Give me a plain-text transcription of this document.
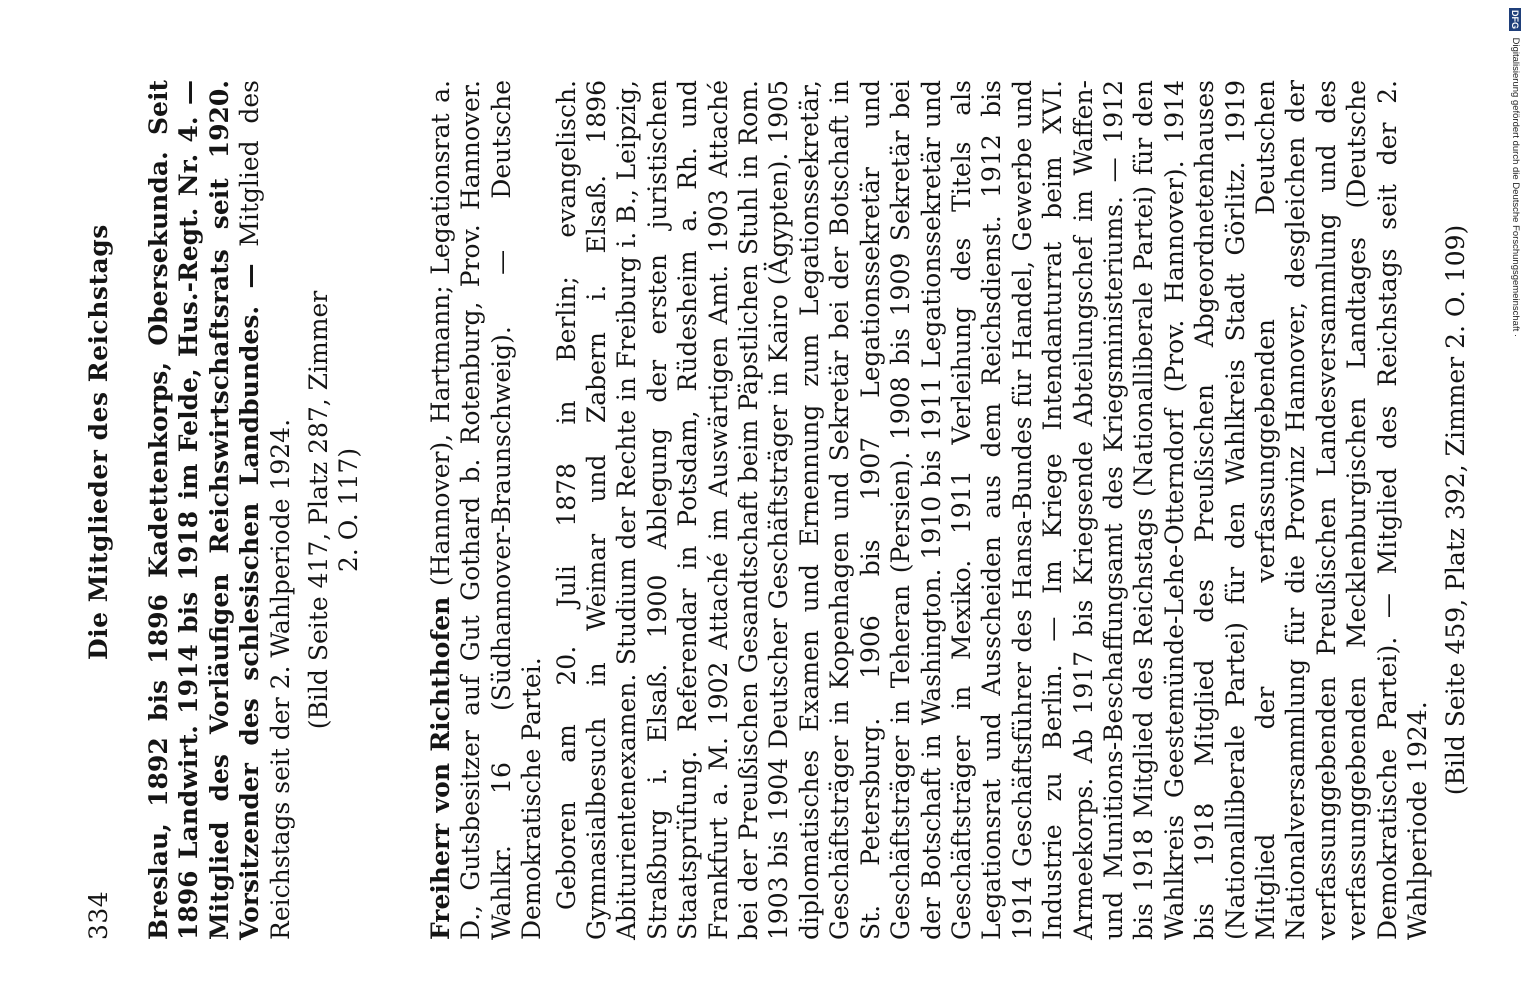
334
Die Mitglieder des Reichstags Breslau, 1892 bis 1896 Kadettenkorps, Obersekunda. Seit 1896 Landwirt. 1914 bis 1918 im Felde, Hus.-Regt. Nr. 4. — Mitglied des Vorläufigen Reichswirtschaftsrats seit 1920. Vorsitzender des schlesischen Landbundes. — Mitglied des Reichstags seit der 2. Wahlperiode 1924. (Bild Seite 417, Platz 287, Zimmer 2. O. 117)

Freiherr von Richthofen (Hannover), Hartmann; Legationsrat a. D., Gutsbesitzer auf Gut Gothard b. Rotenburg, Prov. Hannover. Wahlkr. 16 (Südhannover-Braunschweig). — Deutsche Demokratische Partei. Geboren am 20. Juli 1878 in Berlin; evangelisch. Gymnasialbesuch in Weimar und Zabern i. Elsaß. 1896 Abiturientenexamen. Studium der Rechte in Freiburg i. B., Leipzig, Straßburg i. Elsaß. 1900 Ablegung der ersten juristischen Staatsprüfung. Referendar in Potsdam, Rüdesheim a. Rh. und Frankfurt a. M. 1902 Attaché im Auswärtigen Amt. 1903 Attaché bei der Preußischen Gesandtschaft beim Päpstlichen Stuhl in Rom. 1903 bis 1904 Deutscher Geschäftsträger in Kairo (Ägypten). 1905 diplomatisches Examen und Ernennung zum Legationssekretär, Geschäftsträger in Kopenhagen und Sekretär bei der Botschaft in St. Petersburg. 1906 bis 1907 Legationssekretär und Geschäftsträger in Teheran (Persien). 1908 bis 1909 Sekretär bei der Botschaft in Washington. 1910 bis 1911 Legationssekretär und Geschäftsträger in Mexiko. 1911 Verleihung des Titels als Legationsrat und Ausscheiden aus dem Reichsdienst. 1912 bis 1914 Geschäftsführer des Hansa-Bundes für Handel, Gewerbe und Industrie zu Berlin. — Im Kriege Intendanturrat beim XVI. Armeekorps. Ab 1917 bis Kriegsende Abteilungschef im Waffen- und Munitions-Beschaffungsamt des Kriegsministeriums. — 1912 bis 1918 Mitglied des Reichstags (Nationalliberale Partei) für den Wahlkreis Geestemünde-Lehe-Otterndorf (Prov. Hannover). 1914 bis 1918 Mitglied des Preußischen Abgeordnetenhauses (Nationalliberale Partei) für den Wahlkreis Stadt Görlitz. 1919 Mitglied der verfassunggebenden Deutschen Nationalversammlung für die Provinz Hannover, desgleichen der verfassunggebenden Preußischen Landesversammlung und des verfassunggebenden Mecklenburgischen Landtages (Deutsche Demokratische Partei). — Mitglied des Reichstags seit der 2. Wahlperiode 1924.

(Bild Seite 459, Platz 392, Zimmer 2. O. 109)
DFG Digitalisierung gefördert durch die Deutsche Forschungsgemeinschaft ·
